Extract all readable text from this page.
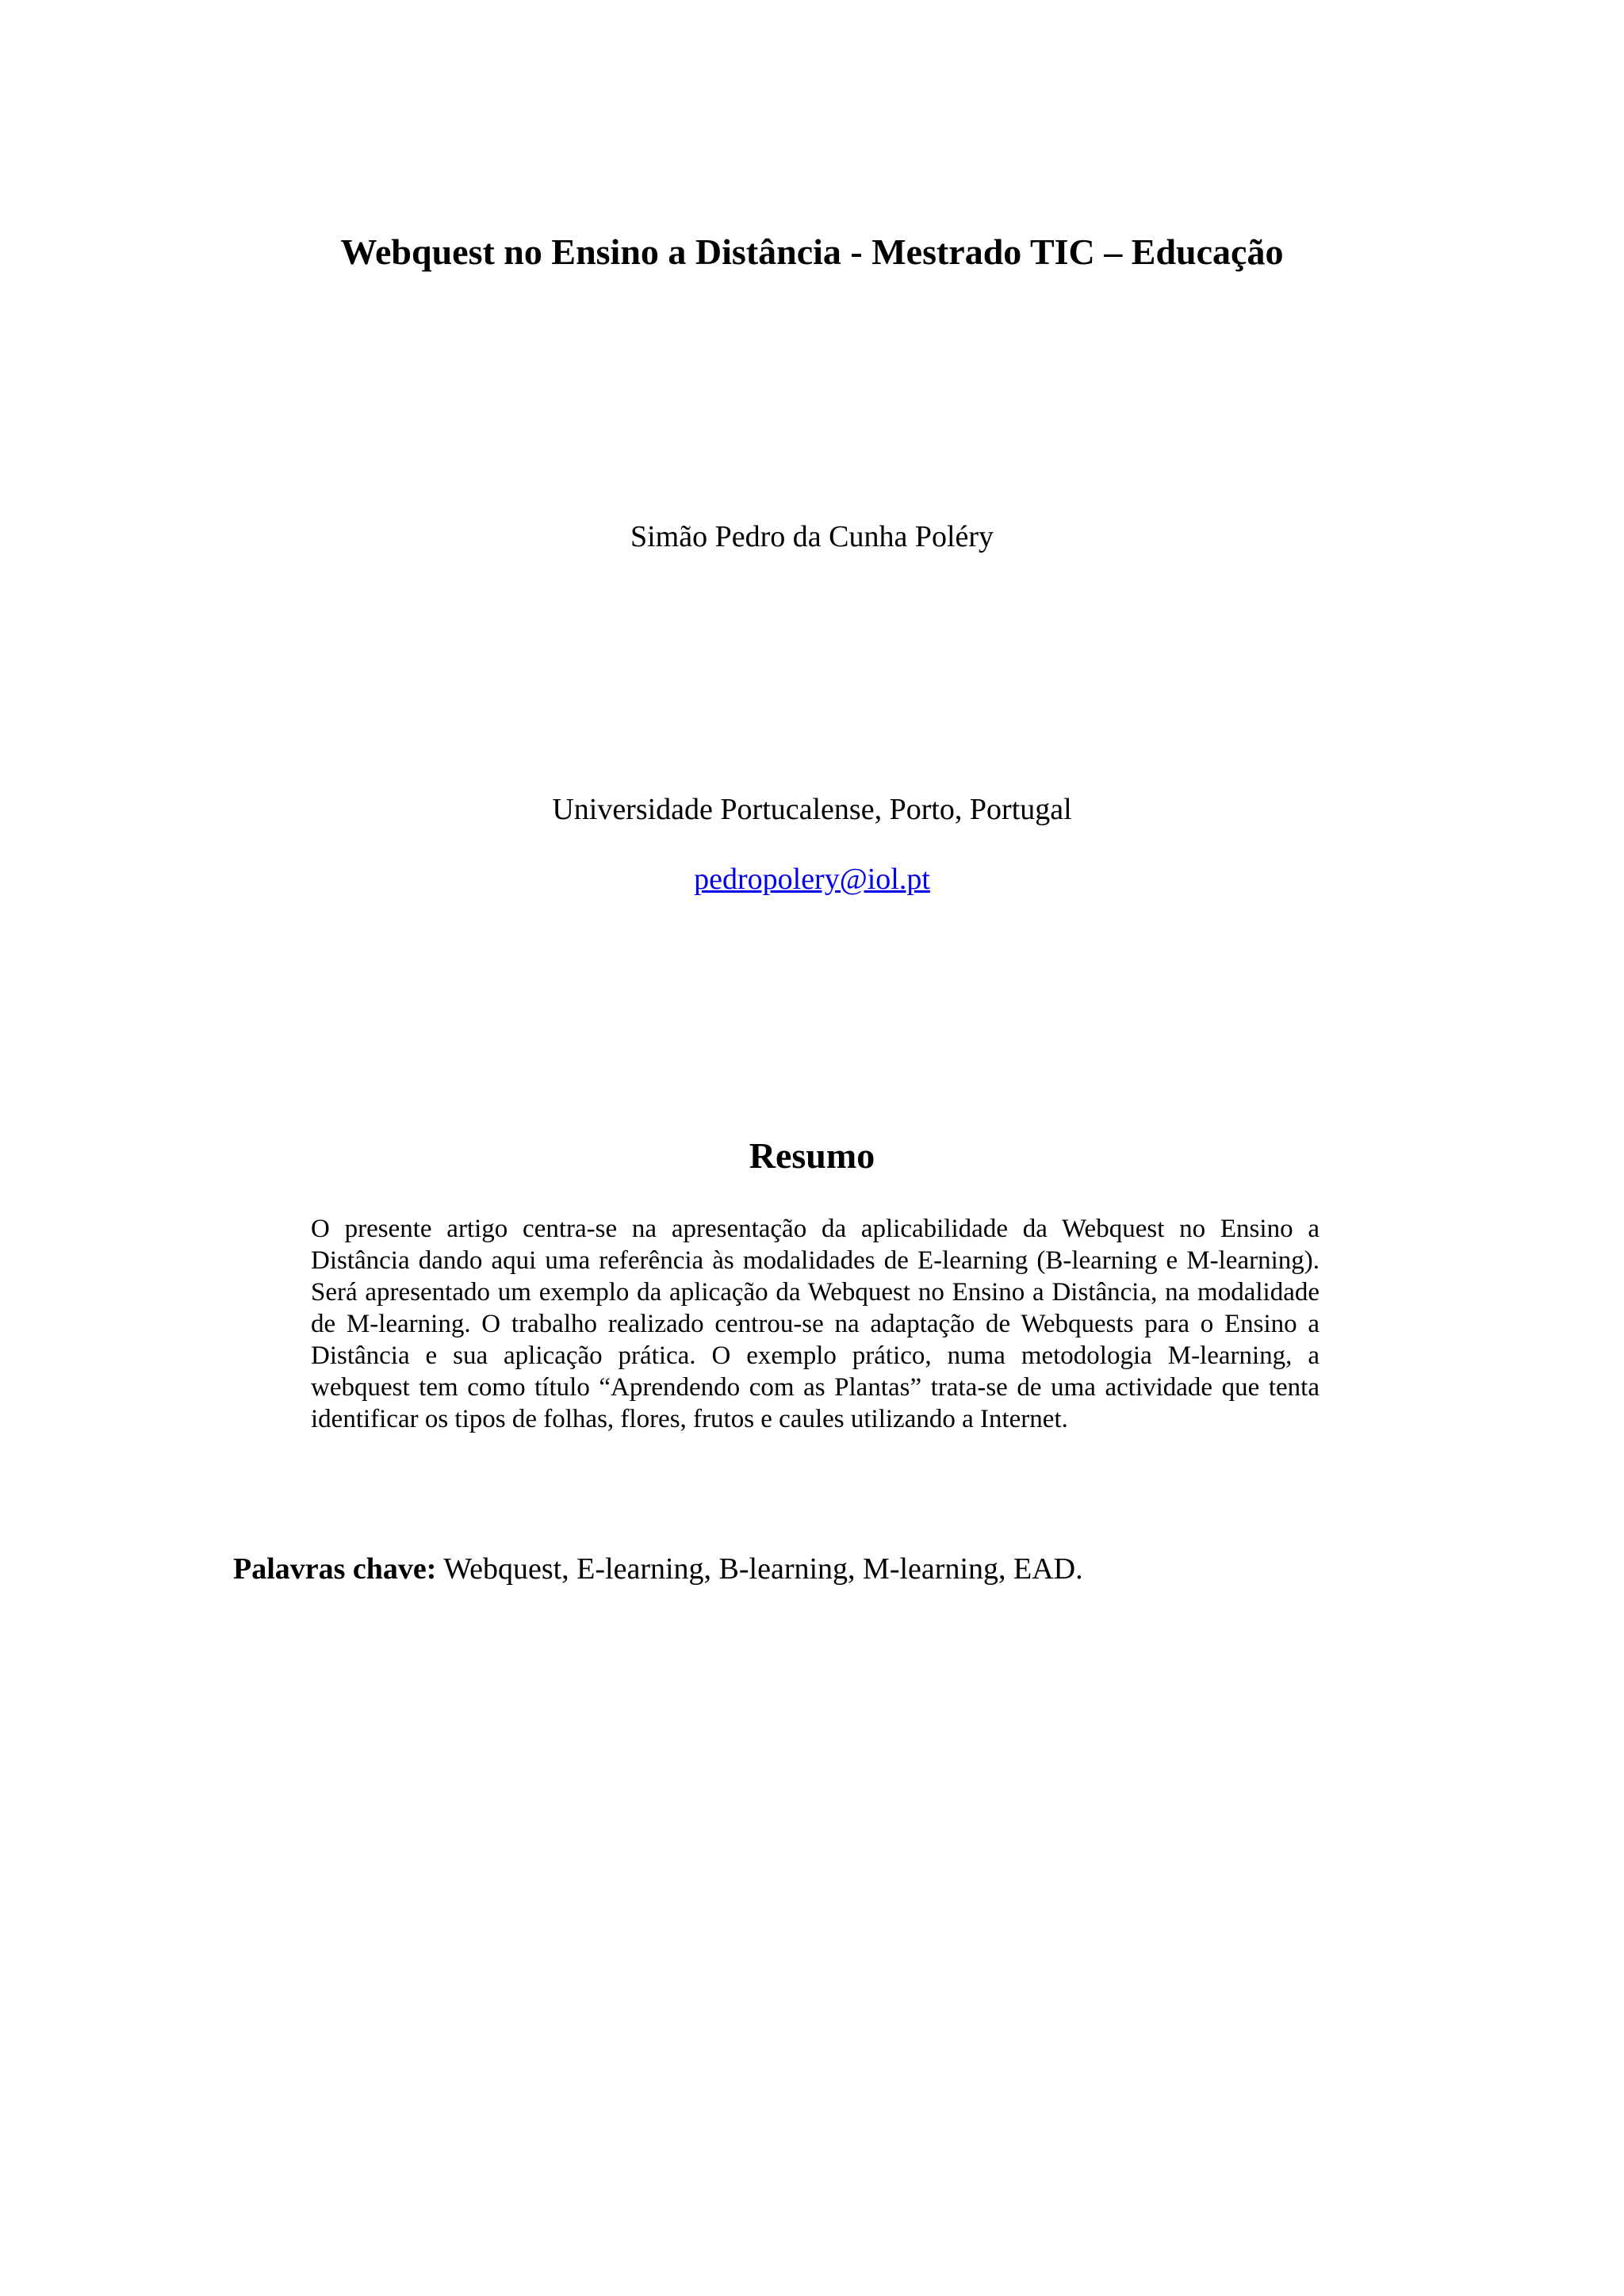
Webquest no Ensino a Distância - Mestrado TIC – Educação

Simão Pedro da Cunha Poléry

Universidade Portucalense, Porto, Portugal

pedropolery@iol.pt

Resumo

O presente artigo centra-se na apresentação da aplicabilidade da Webquest no Ensino a Distância dando aqui uma referência às modalidades de E-learning (B-learning e M-learning). Será apresentado um exemplo da aplicação da Webquest no Ensino a Distância, na modalidade de M-learning. O trabalho realizado centrou-se na adaptação de Webquests para o Ensino a Distância e sua aplicação prática. O exemplo prático, numa metodologia M-learning, a webquest tem como título “Aprendendo com as Plantas” trata-se de uma actividade que tenta identificar os tipos de folhas, flores, frutos e caules utilizando a Internet.

Palavras chave: Webquest, E-learning, B-learning, M-learning, EAD.
